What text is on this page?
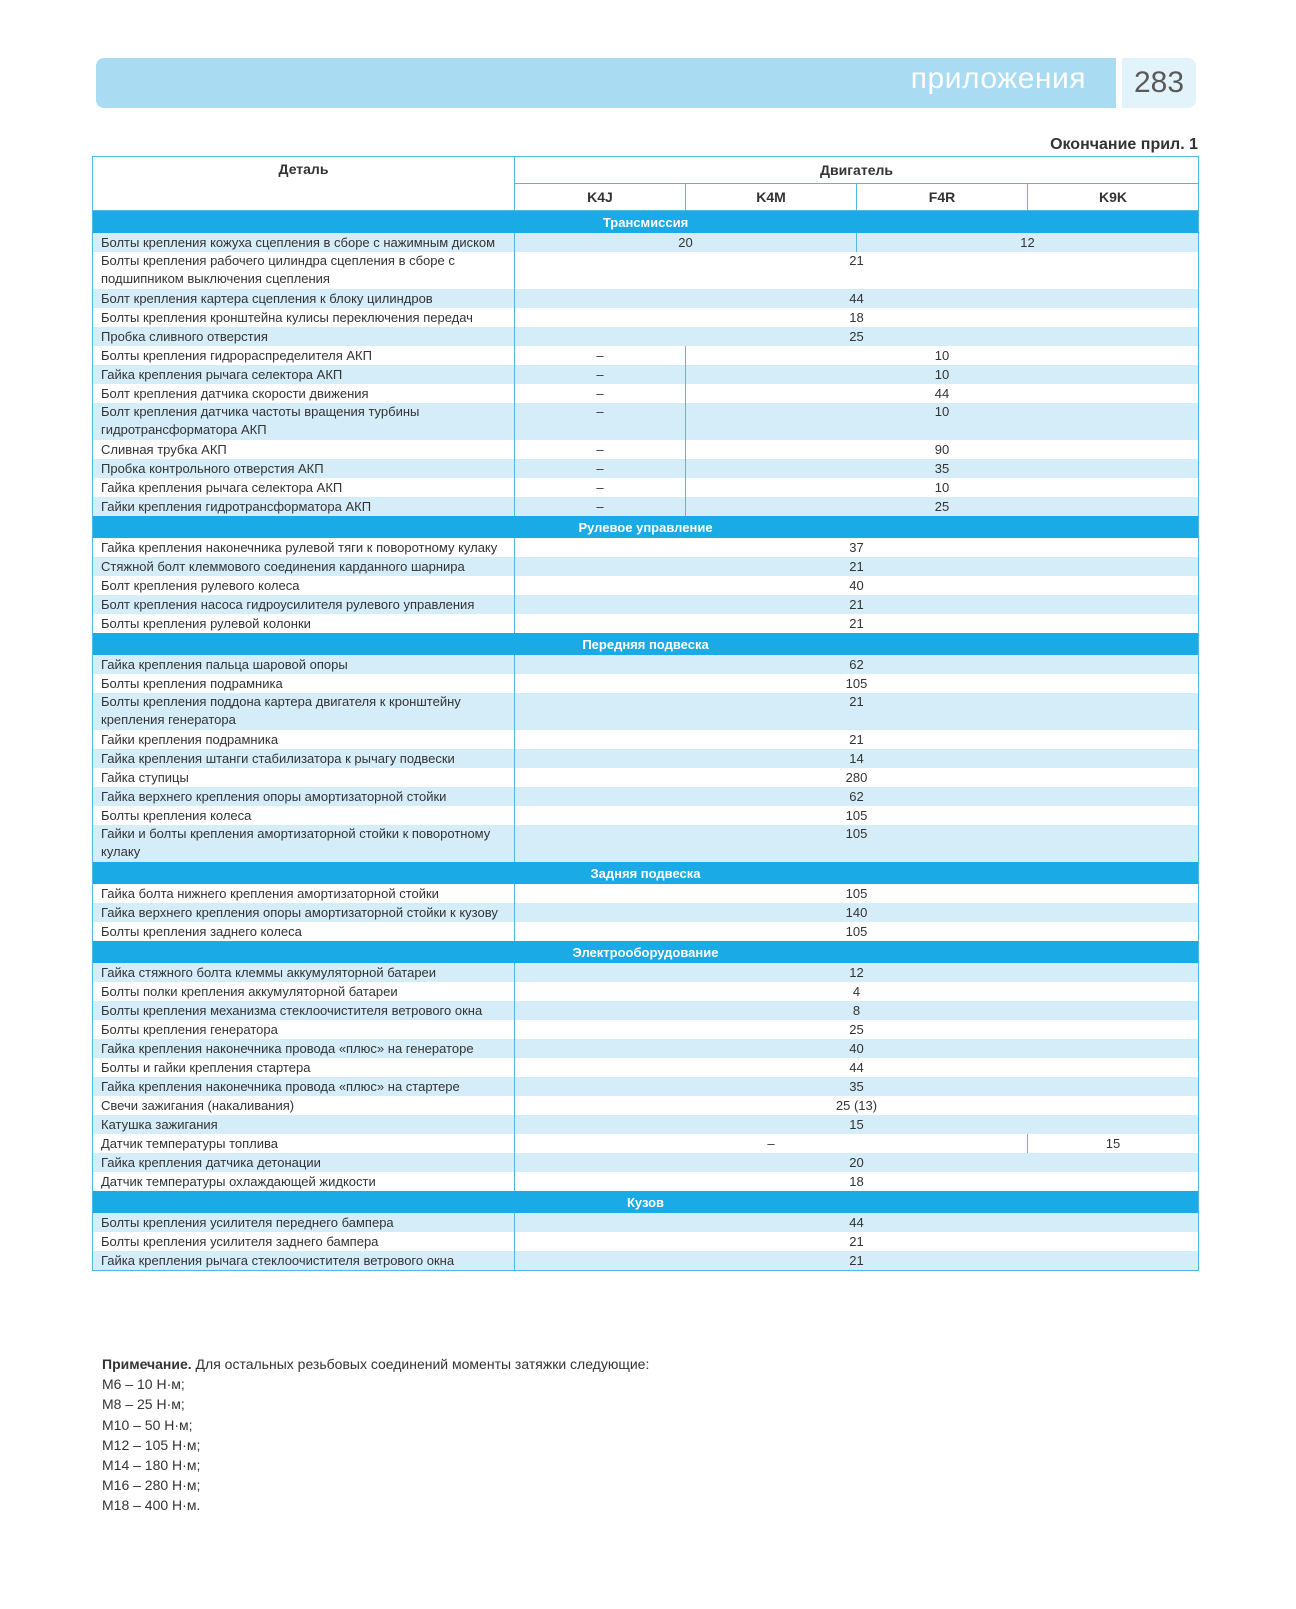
приложения	283
Окончание прил. 1
Деталь	Двигатель			
	K4J	K4M	F4R	K9K
Трансмиссия				
Болты крепления кожуха сцепления в сборе с нажимным диском	20		12	
Болты крепления рабочего цилиндра сцепления в сборе с подшипником выключения сцепления	21			
Болт крепления картера сцепления к блоку цилиндров	44			
Болты крепления кронштейна кулисы переключения передач	18			
Пробка сливного отверстия	25			
Болты крепления гидрораспределителя АКП	–	10		
Гайка крепления рычага селектора АКП	–	10		
Болт крепления датчика скорости движения	–	44		
Болт крепления датчика частоты вращения турбины гидротрансформатора АКП	–	10		
Сливная трубка АКП	–	90		
Пробка контрольного отверстия АКП	–	35		
Гайка крепления рычага селектора АКП	–	10		
Гайки крепления гидротрансформатора АКП	–	25		
Рулевое управление				
Гайка крепления наконечника рулевой тяги к поворотному кулаку	37			
Стяжной болт клеммового соединения карданного шарнира	21			
Болт крепления рулевого колеса	40			
Болт крепления насоса гидроусилителя рулевого управления	21			
Болты крепления рулевой колонки	21			
Передняя подвеска				
Гайка крепления пальца шаровой опоры	62			
Болты крепления подрамника	105			
Болты крепления поддона картера двигателя к кронштейну крепления генератора	21			
Гайки крепления подрамника	21			
Гайка крепления штанги стабилизатора к рычагу подвески	14			
Гайка ступицы	280			
Гайка верхнего крепления опоры амортизаторной стойки	62			
Болты крепления колеса	105			
Гайки и болты крепления амортизаторной стойки к поворотному кулаку	105			
Задняя подвеска				
Гайка болта нижнего крепления амортизаторной стойки	105			
Гайка верхнего крепления опоры амортизаторной стойки к кузову	140			
Болты крепления заднего колеса	105			
Электрооборудование				
Гайка стяжного болта клеммы аккумуляторной батареи	12			
Болты полки крепления аккумуляторной батареи	4			
Болты крепления механизма стеклоочистителя ветрового окна	8			
Болты крепления генератора	25			
Гайка крепления наконечника провода «плюс» на генераторе	40			
Болты и гайки крепления стартера	44			
Гайка крепления наконечника провода «плюс» на стартере	35			
Свечи зажигания (накаливания)	25 (13)			
Катушка зажигания	15			
Датчик температуры топлива	–			15
Гайка крепления датчика детонации	20			
Датчик температуры охлаждающей жидкости	18			
Кузов				
Болты крепления усилителя переднего бампера	44			
Болты крепления усилителя заднего бампера	21			
Гайка крепления рычага стеклоочистителя ветрового окна	21			
Примечание. Для остальных резьбовых соединений моменты затяжки следующие:
М6 – 10 Н·м;
М8 – 25 Н·м;
М10 – 50 Н·м;
М12 – 105 Н·м;
М14 – 180 Н·м;
М16 – 280 Н·м;
М18 – 400 Н·м.
